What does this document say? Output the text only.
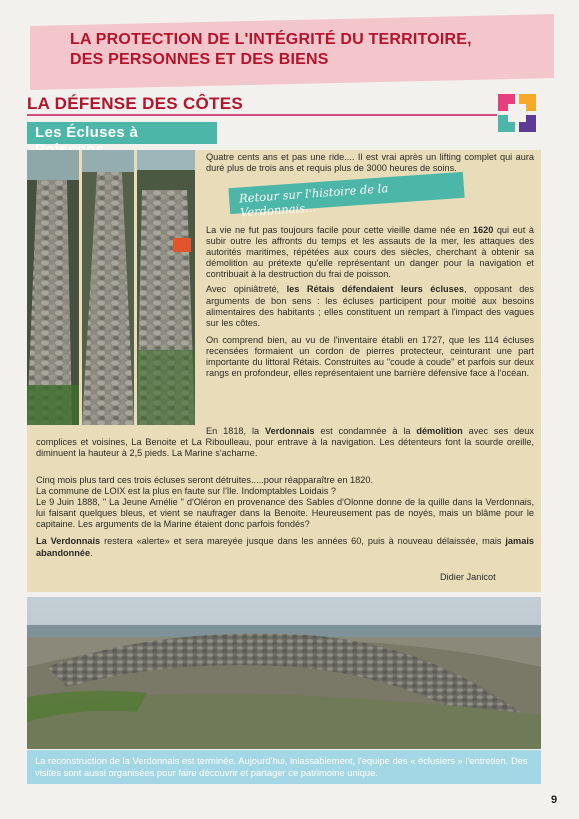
LA PROTECTION DE L'INTÉGRITÉ DU TERRITOIRE,
DES PERSONNES ET DES BIENS
LA DÉFENSE DES CÔTES
Les Écluses à
Quatre cents ans et pas une ride.... Il est vrai après un lifting complet qui aura duré plus de trois ans et requis plus de 3000 heures de soins.
Retour sur l'histoire de la Verdonnais...
La vie ne fut pas toujours facile pour cette vieille dame née en 1620 qui eut à subir outre les affronts du temps et les assauts de la mer, les attaques des autorités maritimes, répétées aux cours des siècles, cherchant à obtenir sa démolition au prétexte qu'elle représentant un danger pour la navigation et contribuait à la destruction du frai de poisson.
Avec opiniâtreté, les Rétais défendaient leurs écluses, opposant des arguments de bon sens : les écluses participent pour moitié aux besoins alimentaires des habitants ; elles constituent un rempart à l'impact des vagues sur les côtes.
On comprend bien, au vu de l'inventaire établi en 1727, que les 114 écluses recensées formaient un cordon de pierres protecteur, ceinturant une part importante du littoral Rétais. Construites au "coude à coude" et parfois sur deux rangs en profondeur, elles représentaient une barrière défensive face à l'océan.
En 1818, la Verdonnais est condamnée à la démolition avec ses deux complices et voisines, La Benoite et La Riboulleau, pour entrave à la navigation. Les détenteurs font la sourde oreille, diminuent la hauteur à 2,5 pieds. La Marine s'acharne.
Cinq mois plus tard ces trois écluses seront détruites.....pour réapparaître en 1820.
La commune de LOIX est la plus en faute sur l'île. Indomptables Loidais ?
Le 9 Juin 1888, " La Jeune Amélie " d'Oléron en provenance des Sables d'Olonne donne de la quille dans la Verdonnais, lui faisant quelques bleus, et vient se naufrager dans la Benoite. Heureusement pas de noyés, mais un blâme pour le capitaine. Les arguments de la Marine étaient donc parfois fondés?
La Verdonnais restera «alerte» et sera mareyée jusque dans les années 60, puis à nouveau délaissée, mais jamais abandonnée.
Didier Janicot
La reconstruction de la Verdonnais est terminée. Aujourd'hui, inlassablement, l'équipe des « éclusiers » l'entretien. Des visites sont aussi organisées pour faire découvrir et partager ce patrimoine unique.
9
